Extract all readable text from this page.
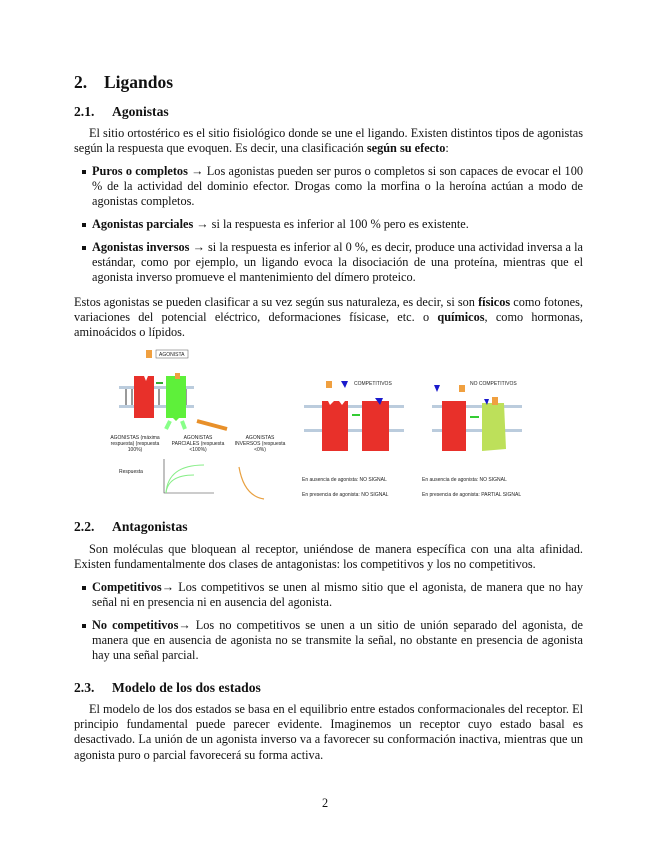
2. Ligandos
2.1. Agonistas
El sitio ortostérico es el sitio fisiológico donde se une el ligando. Existen distintos tipos de agonistas según la respuesta que evoquen. Es decir, una clasificación según su efecto:
Puros o completos → Los agonistas pueden ser puros o completos si son capaces de evocar el 100 % de la actividad del dominio efector. Drogas como la morfina o la heroína actúan a modo de agonistas completos.
Agonistas parciales → si la respuesta es inferior al 100 % pero es existente.
Agonistas inversos → si la respuesta es inferior al 0 %, es decir, produce una actividad inversa a la estándar, como por ejemplo, un ligando evoca la disociación de una proteína, mientras que el agonista inverso promueve el mantenimiento del dímero proteico.
Estos agonistas se pueden clasificar a su vez según sus naturaleza, es decir, si son físicos como fotones, variaciones del potencial eléctrico, deformaciones físicase, etc. o químicos, como hormonas, aminoácidos o lípidos.
AGONISTA
Respuesta
COMPETITIVOS
En ausencia de agonista: NO SIGNAL
En presencia de agonista: NO SIGNAL
NO COMPETITIVOS
En ausencia de agonista: NO SIGNAL
En presencia de agonista: PARTIAL SIGNAL
AGONISTAS (máxima respuesta) (respuesta 100%)
AGONISTAS PARCIALES (respuesta <100%)
AGONISTAS INVERSOS (respuesta <0%)
2.2. Antagonistas
Son moléculas que bloquean al receptor, uniéndose de manera específica con una alta afinidad. Existen fundamentalmente dos clases de antagonistas: los competitivos y los no competitivos.
Competitivos→ Los competitivos se unen al mismo sitio que el agonista, de manera que no hay señal ni en presencia ni en ausencia del agonista.
No competitivos→ Los no competitivos se unen a un sitio de unión separado del agonista, de manera que en ausencia de agonista no se transmite la señal, no obstante en presencia de agonista hay una señal parcial.
2.3. Modelo de los dos estados
El modelo de los dos estados se basa en el equilibrio entre estados conformacionales del receptor. El principio fundamental puede parecer evidente. Imaginemos un receptor cuyo estado basal es desactivado. La unión de un agonista inverso va a favorecer su conformación inactiva, mientras que un agonista puro o parcial favorecerá su forma activa.
2
